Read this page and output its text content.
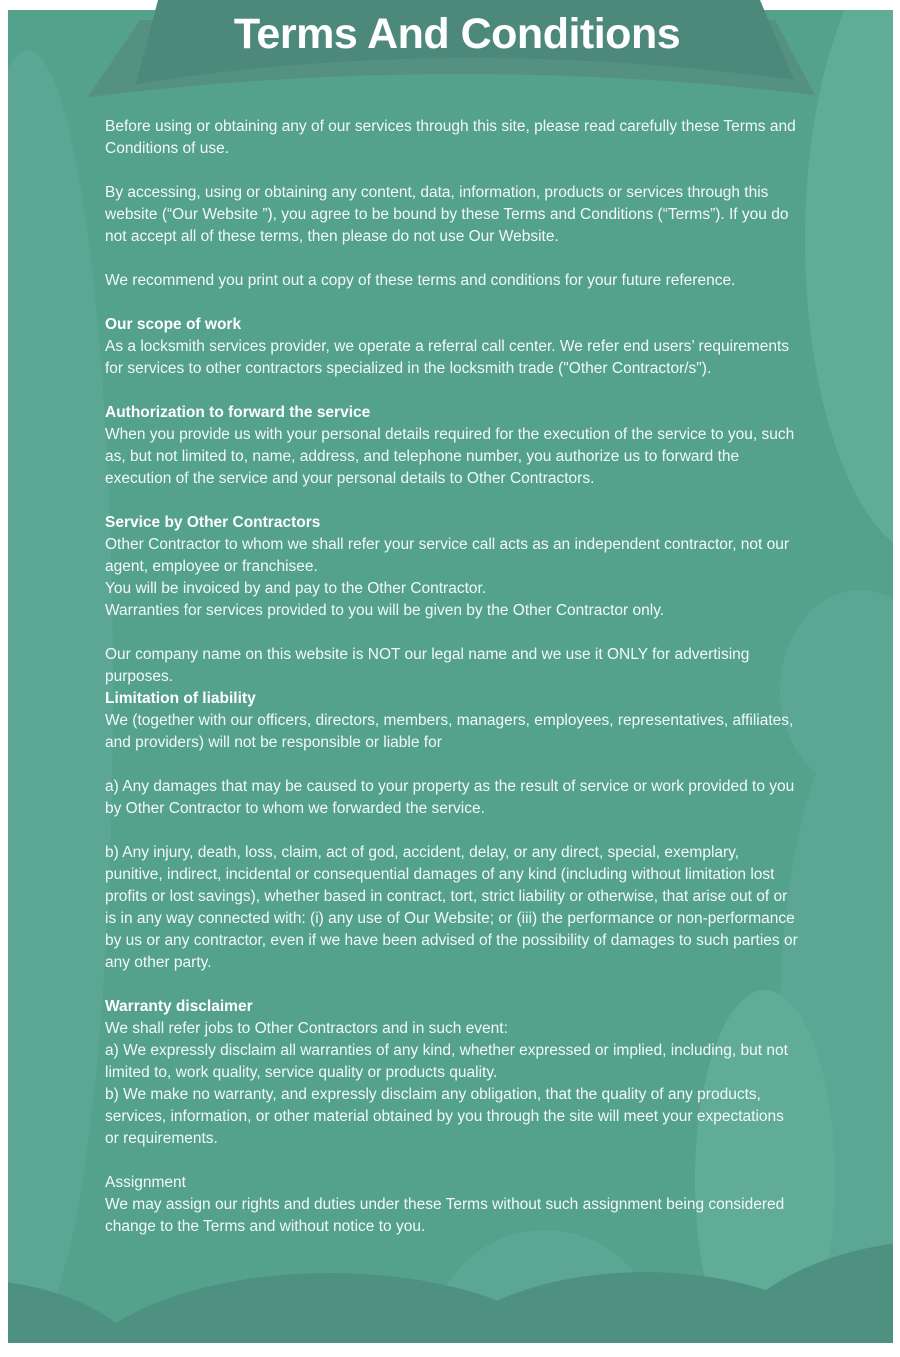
Before using or obtaining any of our services through this site, please read carefully these Terms and Conditions of use.

By accessing, using or obtaining any content, data, information, products or services through this website (“Our Website ”), you agree to be bound by these Terms and Conditions (“Terms”). If you do not accept all of these terms, then please do not use Our Website.

We recommend you print out a copy of these terms and conditions for your future reference.

Our scope of work

As a locksmith services provider, we operate a referral call center. We refer end users’ requirements for services to other contractors specialized in the locksmith trade ("Other Contractor/s").

Authorization to forward the service

When you provide us with your personal details required for the execution of the service to you, such as, but not limited to, name, address, and telephone number, you authorize us to forward the execution of the service and your personal details to Other Contractors.

Service by Other Contractors

Other Contractor to whom we shall refer your service call acts as an independent contractor, not our agent, employee or franchisee.

You will be invoiced by and pay to the Other Contractor.

Warranties for services provided to you will be given by the Other Contractor only.

Our company name on this website is NOT our legal name and we use it ONLY for advertising purposes.

Limitation of liability

We (together with our officers, directors, members, managers, employees, representatives, affiliates, and providers) will not be responsible or liable for

a) Any damages that may be caused to your property as the result of service or work provided to you by Other Contractor to whom we forwarded the service.

b) Any injury, death, loss, claim, act of god, accident, delay, or any direct, special, exemplary, punitive, indirect, incidental or consequential damages of any kind (including without limitation lost profits or lost savings), whether based in contract, tort, strict liability or otherwise, that arise out of or is in any way connected with: (i) any use of Our Website; or (iii) the performance or non-performance by us or any contractor, even if we have been advised of the possibility of damages to such parties or any other party.

Warranty disclaimer

We shall refer jobs to Other Contractors and in such event:

a) We expressly disclaim all warranties of any kind, whether expressed or implied, including, but not limited to, work quality, service quality or products quality.

b) We make no warranty, and expressly disclaim any obligation, that the quality of any products, services, information, or other material obtained by you through the site will meet your expectations or requirements.

Assignment

We may assign our rights and duties under these Terms without such assignment being considered change to the Terms and without notice to you.

Terms And Conditions
